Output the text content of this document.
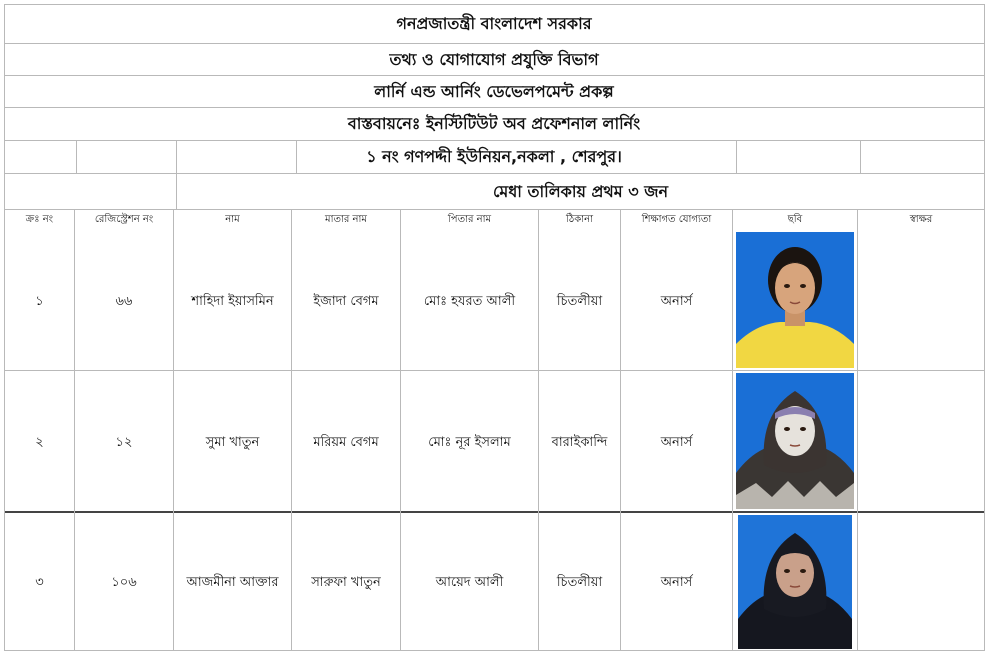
গনপ্রজাতন্ত্রী বাংলাদেশ সরকার
তথ্য ও যোগাযোগ প্রযুক্তি বিভাগ
লার্নি এন্ড আর্নিং ডেভেলপমেন্ট প্রকল্প
বাস্তবায়নেঃ ইনস্টিটিউট অব প্রফেশনাল লার্নিং
১ নং গণপদ্দী ইউনিয়ন,নকলা , শেরপুর।
মেধা তালিকায় প্রথম ৩ জন
ক্রঃ নং	রেজিস্ট্রেশন নং	নাম	মাতার নাম	পিতার নাম	ঠিকানা	শিক্ষাগত যোগ্যতা	ছবি	স্বাক্ষর
১	৬৬	শাহিদা ইয়াসমিন	ইজাদা বেগম	মোঃ হযরত আলী	চিতলীয়া	অনার্স
২	১২	সুমা খাতুন	মরিয়ম বেগম	মোঃ নূর ইসলাম	বারাইকান্দি	অনার্স
৩	১০৬	আজমীনা আক্তার	সারুফা খাতুন	আয়েদ আলী	চিতলীয়া	অনার্স
